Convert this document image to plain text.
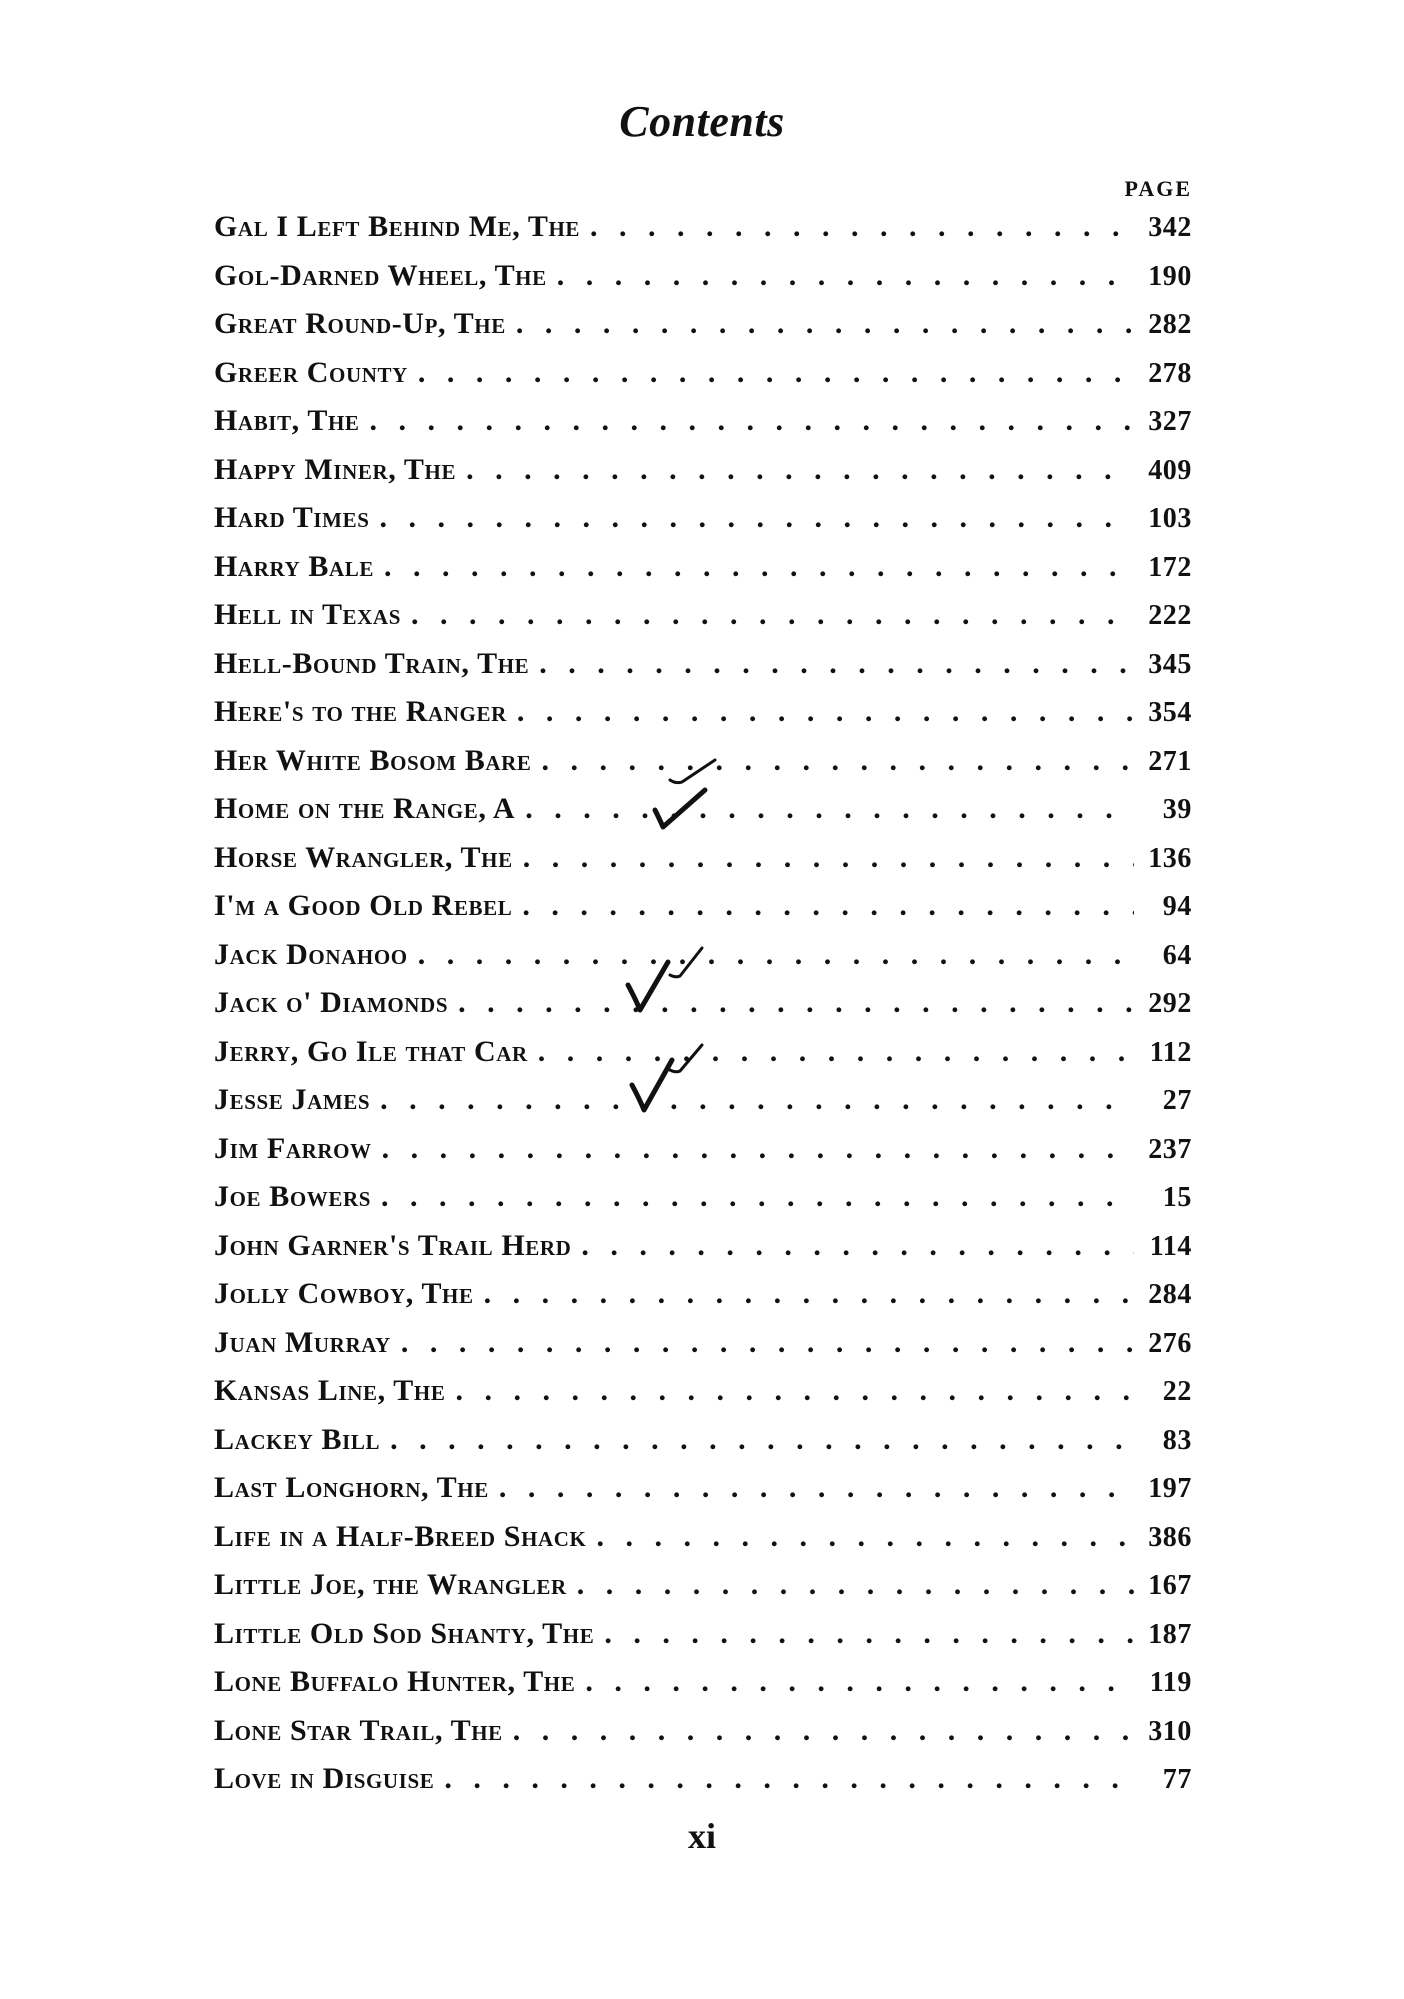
Contents
PAGE
Gal I Left Behind Me, The . . .	342
Gol-Darned Wheel, The . . .	190
Great Round-Up, The . . .	282
Greer County . . .	278
Habit, The . . .	327
Happy Miner, The . . .	409
Hard Times . . .	103
Harry Bale . . .	172
Hell in Texas . . .	222
Hell-Bound Train, The . . .	345
Here's to the Ranger . . .	354
Her White Bosom Bare . . .	271
Home on the Range, A . . .	39
Horse Wrangler, The . . .	136
I'm a Good Old Rebel . . .	94
Jack Donahoo . . .	64
Jack o' Diamonds . . .	292
Jerry, Go Ile that Car . . .	112
Jesse James . . .	27
Jim Farrow . . .	237
Joe Bowers . . .	15
John Garner's Trail Herd . . .	114
Jolly Cowboy, The . . .	284
Juan Murray . . .	276
Kansas Line, The . . .	22
Lackey Bill . . .	83
Last Longhorn, The . . .	197
Life in a Half-Breed Shack . . .	386
Little Joe, the Wrangler . . .	167
Little Old Sod Shanty, The . . .	187
Lone Buffalo Hunter, The . . .	119
Lone Star Trail, The . . .	310
Love in Disguise . . .	77
xi
